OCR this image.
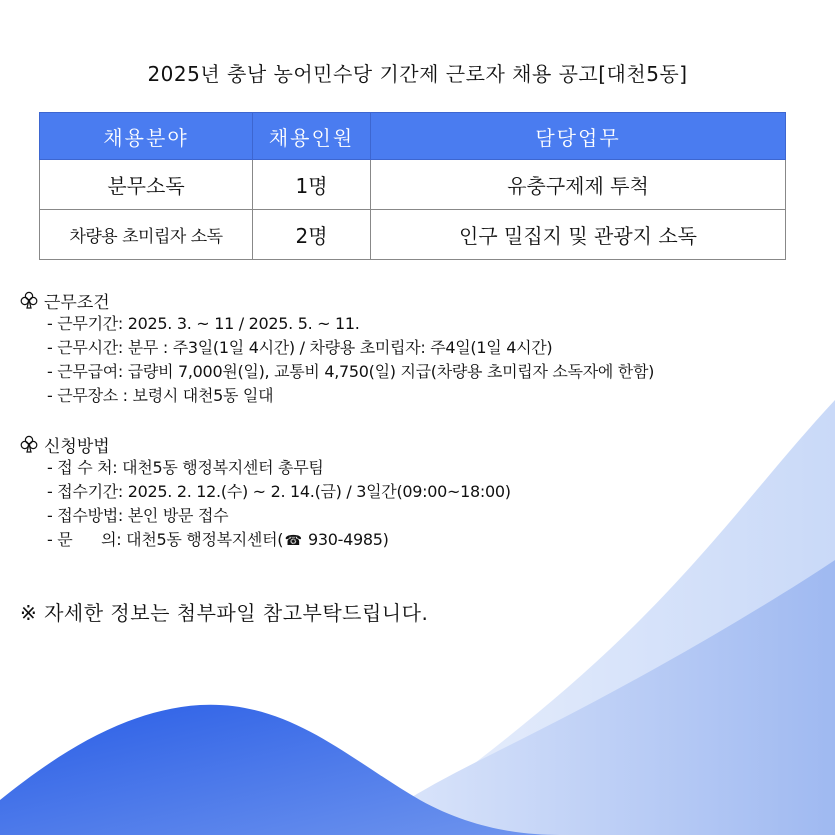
2025년 충남 농어민수당 기간제 근로자 채용 공고[대천5동]
채용분야	채용인원	담당업무
분무소독	1명	유충구제제 투척
차량용 초미립자 소독	2명	인구 밀집지 및 관광지 소독
근무조건
- 근무기간: 2025. 3. ~ 11 / 2025. 5. ~ 11.
- 근무시간: 분무 : 주3일(1일 4시간) / 차량용 초미립자: 주4일(1일 4시간)
- 근무급여: 급량비 7,000원(일), 교통비 4,750(일) 지급(차량용 초미립자 소독자에 한함)
- 근무장소 : 보령시 대천5동 일대
신청방법
- 접 수 처: 대천5동 행정복지센터 총무팀
- 접수기간: 2025. 2. 12.(수) ~ 2. 14.(금) / 3일간(09:00~18:00)
- 접수방법: 본인 방문 접수
- 문      의: 대천5동 행정복지센터(☎ 930-4985)
※ 자세한 정보는 첨부파일 참고부탁드립니다.
